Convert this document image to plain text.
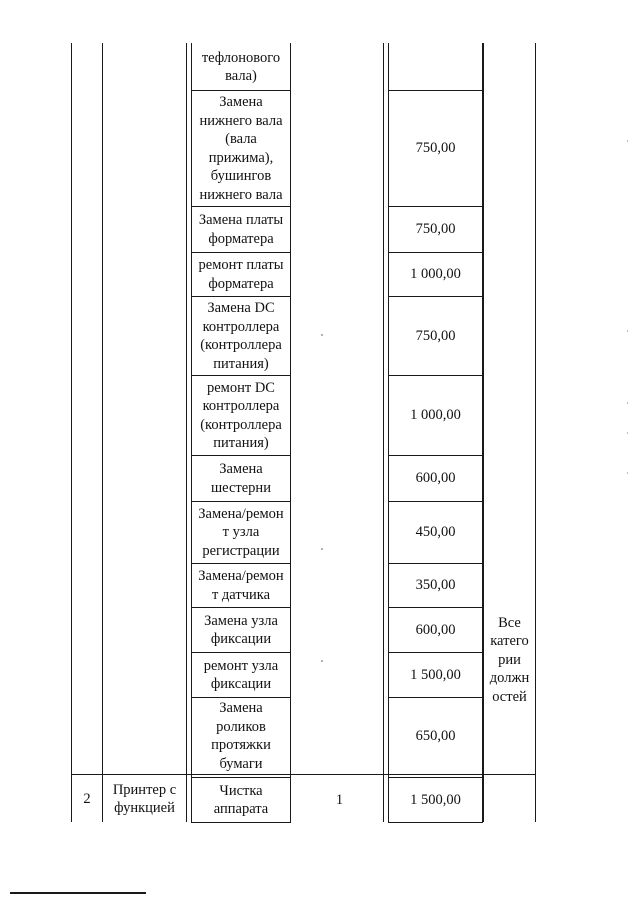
тефлонового
вала)
Замена
нижнего вала
(вала
прижима),
бушингов
нижнего вала
Замена платы
форматера
ремонт платы
форматера
Замена DC
контроллера
(контроллера
питания)
ремонт DC
контроллера
(контроллера
питания)
Замена
шестерни
Замена/ремон
т узла
регистрации
Замена/ремон
т датчика
Замена узла
фиксации
ремонт узла
фиксации
Замена
роликов
протяжки
бумаги
750,00
750,00
1 000,00
750,00
1 000,00
600,00
450,00
350,00
600,00
1 500,00
650,00
Все
катего
рии
должн
остей
2
Принтер с
функцией
Чистка
аппарата
1	1 500,00
